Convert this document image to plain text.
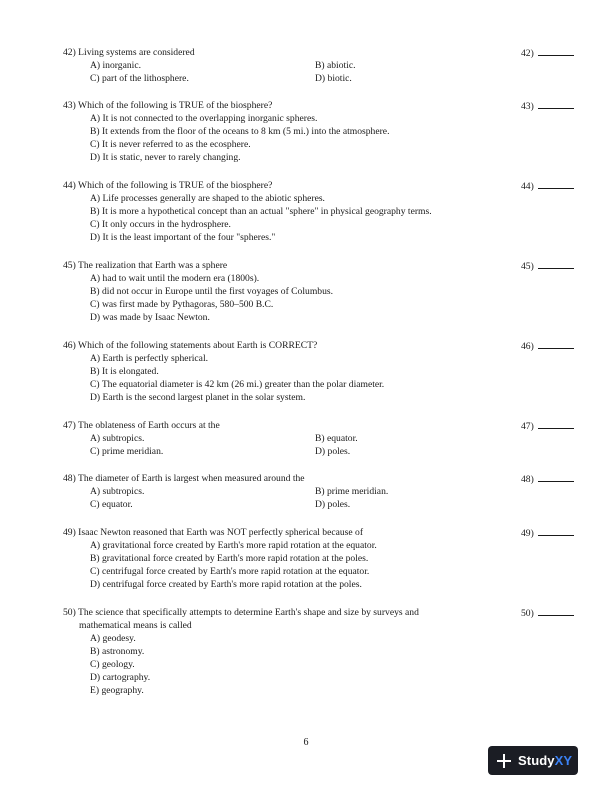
42) Living systems are considered
A) inorganic.	B) abiotic.
C) part of the lithosphere.	D) biotic.
42)
43) Which of the following is TRUE of the biosphere?
A) It is not connected to the overlapping inorganic spheres.
B) It extends from the floor of the oceans to 8 km (5 mi.) into the atmosphere.
C) It is never referred to as the ecosphere.
D) It is static, never to rarely changing.
43)
44) Which of the following is TRUE of the biosphere?
A) Life processes generally are shaped to the abiotic spheres.
B) It is more a hypothetical concept than an actual "sphere" in physical geography terms.
C) It only occurs in the hydrosphere.
D) It is the least important of the four "spheres."
44)
45) The realization that Earth was a sphere
A) had to wait until the modern era (1800s).
B) did not occur in Europe until the first voyages of Columbus.
C) was first made by Pythagoras, 580–500 B.C.
D) was made by Isaac Newton.
45)
46) Which of the following statements about Earth is CORRECT?
A) Earth is perfectly spherical.
B) It is elongated.
C) The equatorial diameter is 42 km (26 mi.) greater than the polar diameter.
D) Earth is the second largest planet in the solar system.
46)
47) The oblateness of Earth occurs at the
A) subtropics.	B) equator.
C) prime meridian.	D) poles.
47)
48) The diameter of Earth is largest when measured around the
A) subtropics.	B) prime meridian.
C) equator.	D) poles.
48)
49) Isaac Newton reasoned that Earth was NOT perfectly spherical because of
A) gravitational force created by Earth's more rapid rotation at the equator.
B) gravitational force created by Earth's more rapid rotation at the poles.
C) centrifugal force created by Earth's more rapid rotation at the equator.
D) centrifugal force created by Earth's more rapid rotation at the poles.
49)
50) The science that specifically attempts to determine Earth's shape and size by surveys and
mathematical means is called
A) geodesy.
B) astronomy.
C) geology.
D) cartography.
E) geography.
50)
6
StudyXY
